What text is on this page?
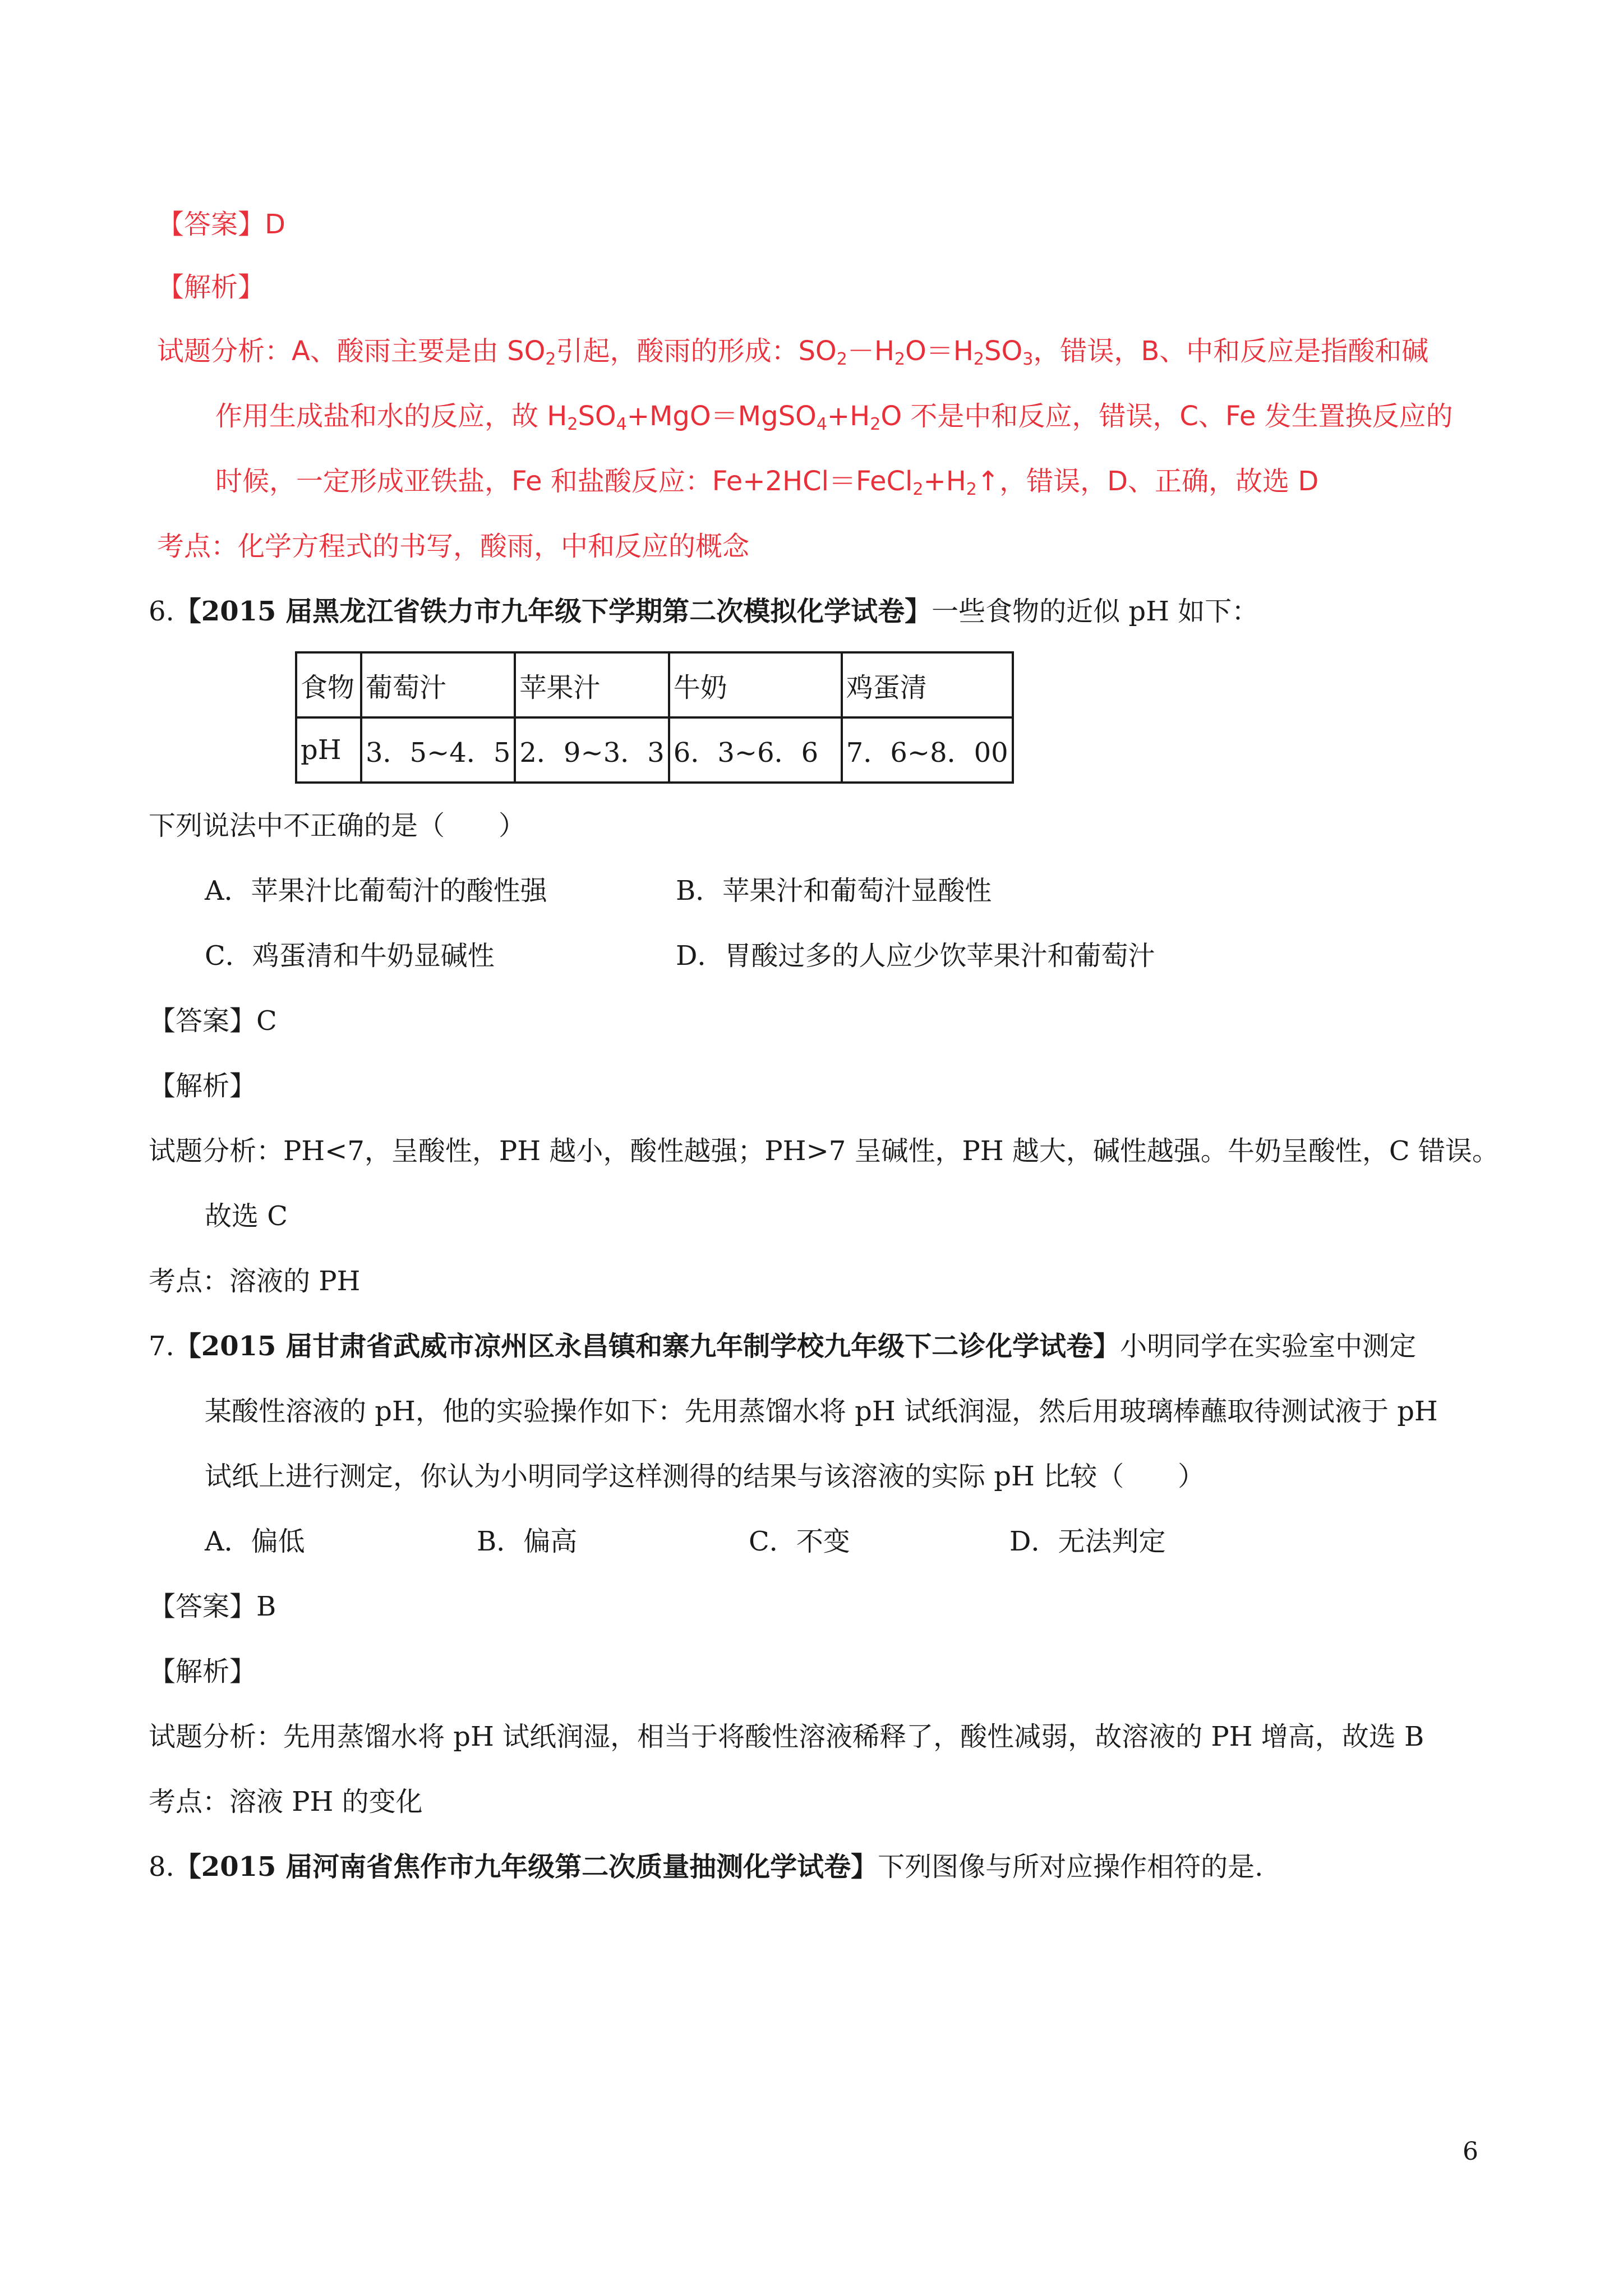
【答案】D
【解析】
试题分析：A、酸雨主要是由 $SO_2$引起，酸雨的形成：$SO_2-H_2O=H_2SO_3$，错误，B、中和反应是指酸和碱
作用生成盐和水的反应，故 $H_2SO_4+MgO=MgSO_4+H_2O$ 不是中和反应，错误，C、Fe 发生置换反应的
时候，一定形成亚铁盐，Fe 和盐酸反应：$Fe+2HCl=FeCl_2+H_2↑$，错误，D、正确，故选 D
考点：化学方程式的书写，酸雨，中和反应的概念
6.【2015 届黑龙江省铁力市九年级下学期第二次模拟化学试卷】一些食物的近似 pH 如下：
食物	葡萄汁	苹果汁	牛奶	鸡蛋清
pH	3．5~4．5	2．9~3．3	6．3~6．6	7．6~8．00
下列说法中不正确的是（　　）
A．苹果汁比葡萄汁的酸性强	B．苹果汁和葡萄汁显酸性
C．鸡蛋清和牛奶显碱性	D．胃酸过多的人应少饮苹果汁和葡萄汁
【答案】C
【解析】
试题分析：PH<7，呈酸性，PH 越小，酸性越强；PH>7 呈碱性，PH 越大，碱性越强。牛奶呈酸性，C 错误。
故选 C
考点：溶液的 PH
7.【2015 届甘肃省武威市凉州区永昌镇和寨九年制学校九年级下二诊化学试卷】小明同学在实验室中测定
某酸性溶液的 pH，他的实验操作如下：先用蒸馏水将 pH 试纸润湿，然后用玻璃棒蘸取待测试液于 pH
试纸上进行测定，你认为小明同学这样测得的结果与该溶液的实际 pH 比较（　　）
A．偏低	B．偏高	C．不变	D．无法判定
【答案】B
【解析】
试题分析：先用蒸馏水将 pH 试纸润湿，相当于将酸性溶液稀释了，酸性减弱，故溶液的 PH 增高，故选 B
考点：溶液 PH 的变化
8.【2015 届河南省焦作市九年级第二次质量抽测化学试卷】下列图像与所对应操作相符的是.
6
